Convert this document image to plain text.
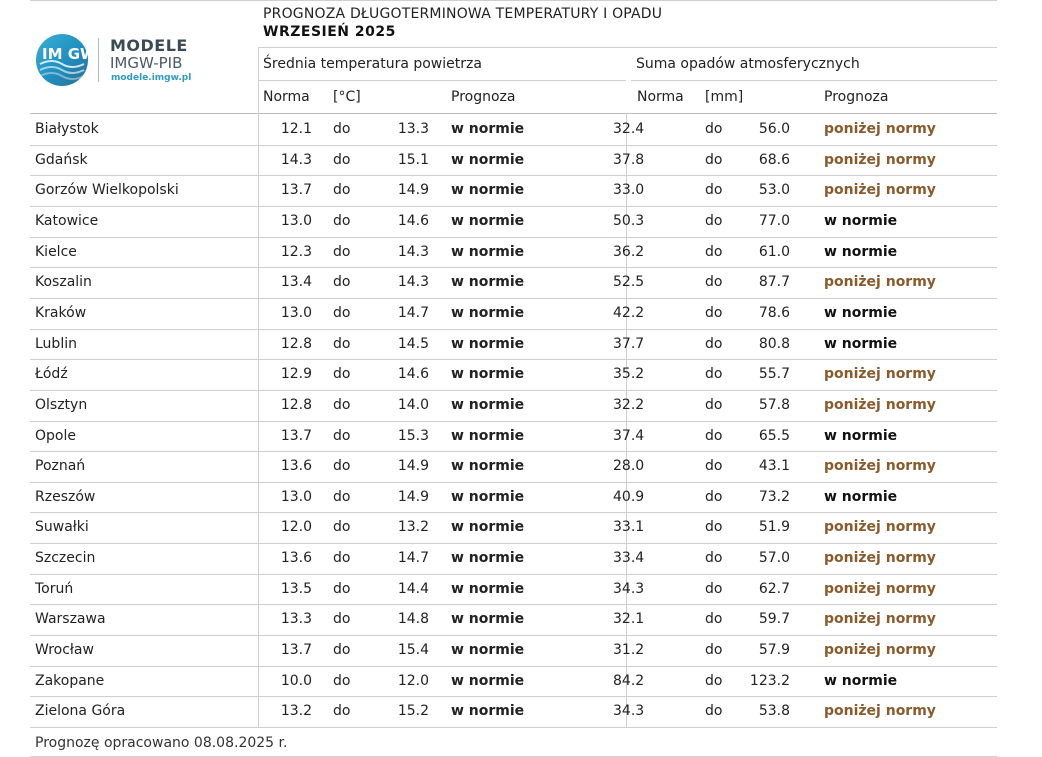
IM GW MODELE
IMGW-PIB
modele.imgw.pl
PROGNOZA DŁUGOTERMINOWA TEMPERATURY I OPADU
WRZESIEŃ 2025
Średnia temperatura powietrza	Suma opadów atmosferycznych
Norma [°C]	Prognoza	Norma [mm]	Prognoza
Białystok	12.1 do	13.3 w normie	32.4	do	56.0 poniżej normy
Gdańsk	14.3 do	15.1 w normie	37.8	do	68.6 poniżej normy
Gorzów Wielkopolski	13.7 do	14.9 w normie	33.0	do	53.0 poniżej normy
Katowice	13.0 do	14.6 w normie	50.3	do	77.0 w normie
Kielce	12.3 do	14.3 w normie	36.2	do	61.0 w normie
Koszalin	13.4 do	14.3 w normie	52.5	do	87.7 poniżej normy
Kraków	13.0 do	14.7 w normie	42.2	do	78.6 w normie
Lublin	12.8 do	14.5 w normie	37.7	do	80.8 w normie
Łódź	12.9 do	14.6 w normie	35.2	do	55.7 poniżej normy
Olsztyn	12.8 do	14.0 w normie	32.2	do	57.8 poniżej normy
Opole	13.7 do	15.3 w normie	37.4	do	65.5 w normie
Poznań	13.6 do	14.9 w normie	28.0	do	43.1 poniżej normy
Rzeszów	13.0 do	14.9 w normie	40.9	do	73.2 w normie
Suwałki	12.0 do	13.2 w normie	33.1	do	51.9 poniżej normy
Szczecin	13.6 do	14.7 w normie	33.4	do	57.0 poniżej normy
Toruń	13.5 do	14.4 w normie	34.3	do	62.7 poniżej normy
Warszawa	13.3 do	14.8 w normie	32.1	do	59.7 poniżej normy
Wrocław	13.7 do	15.4 w normie	31.2	do	57.9 poniżej normy
Zakopane	10.0 do	12.0 w normie	84.2	do	123.2 w normie
Zielona Góra	13.2 do	15.2 w normie	34.3	do	53.8 poniżej normy
Prognozę opracowano 08.08.2025 r.
